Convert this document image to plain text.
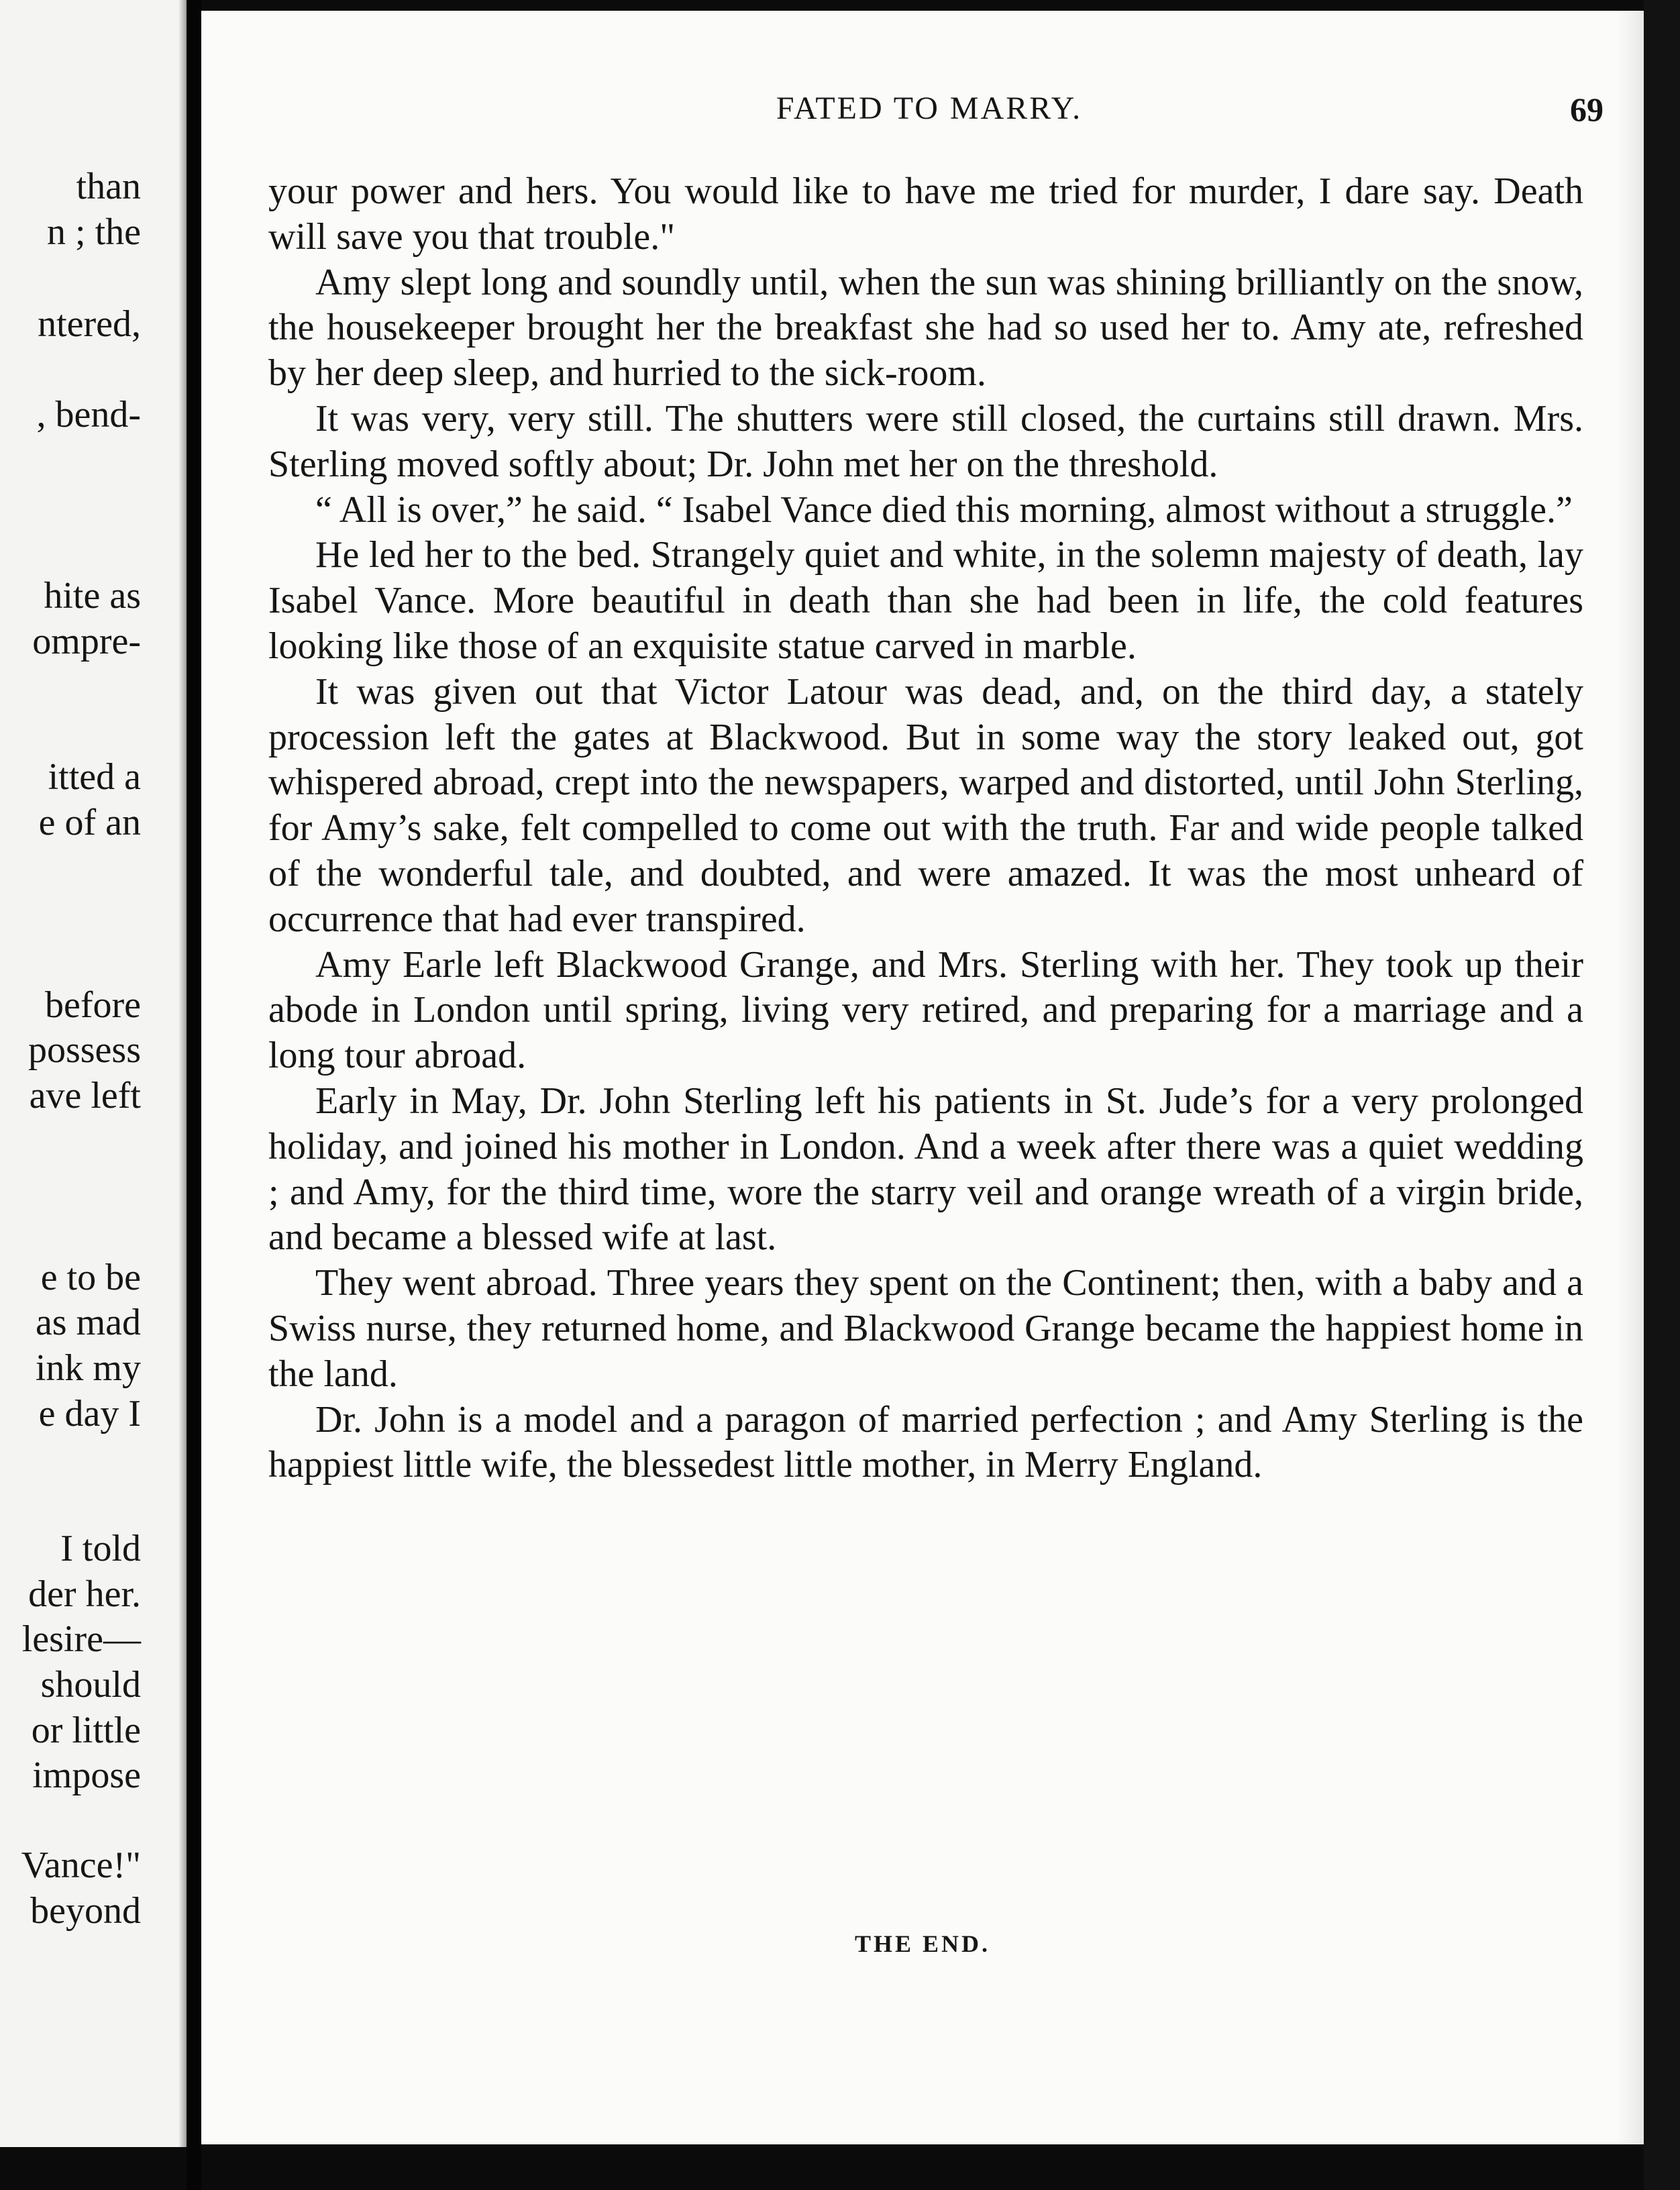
than
n ; the
ntered,
, bend-
hite as
ompre-
itted a
e of an
before
possess
ave left
e to be
as mad
ink my
e day I
I told
der her.
lesire—
should
or little
impose
Vance!"
beyond
FATED TO MARRY.	69

your power and hers. You would like to have me tried for murder, I dare say. Death will save you that trouble."

Amy slept long and soundly until, when the sun was shining brilliantly on the snow, the housekeeper brought her the breakfast she had so used her to. Amy ate, refreshed by her deep sleep, and hurried to the sick-room.

It was very, very still. The shutters were still closed, the curtains still drawn. Mrs. Sterling moved softly about; Dr. John met her on the threshold.

“ All is over,” he said. “ Isabel Vance died this morning, almost without a struggle.”

He led her to the bed. Strangely quiet and white, in the solemn majesty of death, lay Isabel Vance. More beautiful in death than she had been in life, the cold features looking like those of an exquisite statue carved in marble.

It was given out that Victor Latour was dead, and, on the third day, a stately procession left the gates at Blackwood. But in some way the story leaked out, got whispered abroad, crept into the newspapers, warped and distorted, until John Sterling, for Amy’s sake, felt compelled to come out with the truth. Far and wide people talked of the wonderful tale, and doubted, and were amazed. It was the most unheard of occurrence that had ever transpired.

Amy Earle left Blackwood Grange, and Mrs. Sterling with her. They took up their abode in London until spring, living very retired, and preparing for a marriage and a long tour abroad.

Early in May, Dr. John Sterling left his patients in St. Jude’s for a very prolonged holiday, and joined his mother in London. And a week after there was a quiet wedding ; and Amy, for the third time, wore the starry veil and orange wreath of a virgin bride, and became a blessed wife at last.

They went abroad. Three years they spent on the Continent; then, with a baby and a Swiss nurse, they returned home, and Blackwood Grange became the happiest home in the land.

Dr. John is a model and a paragon of married perfection ; and Amy Sterling is the happiest little wife, the blessedest little mother, in Merry England.

THE END.
